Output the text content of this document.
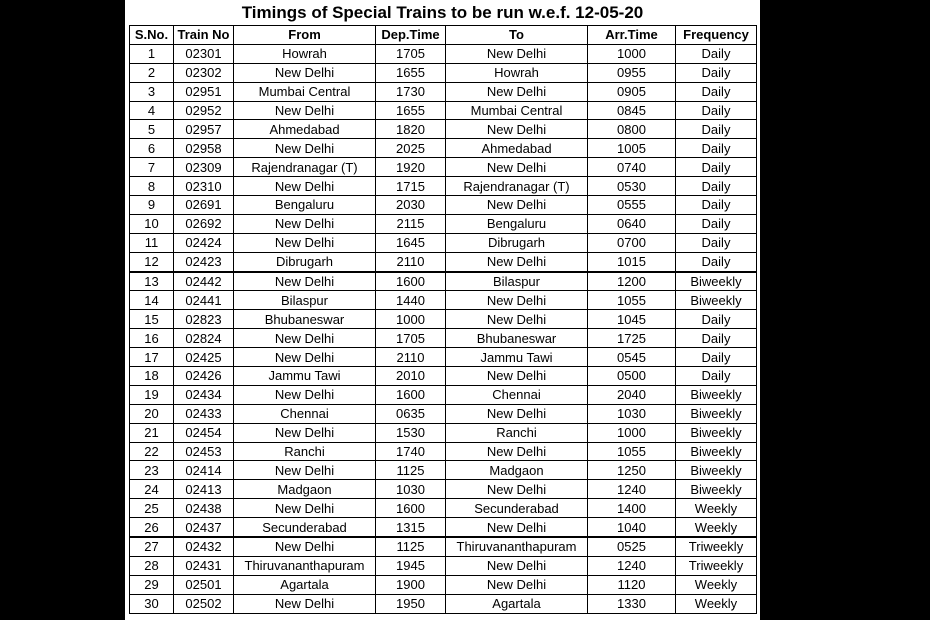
Timings of Special Trains to be run w.e.f. 12-05-20
S.No.	Train No	From	Dep.Time	To	Arr.Time	Frequency
1	02301	Howrah	1705	New Delhi	1000	Daily
2	02302	New Delhi	1655	Howrah	0955	Daily
3	02951	Mumbai Central	1730	New Delhi	0905	Daily
4	02952	New Delhi	1655	Mumbai Central	0845	Daily
5	02957	Ahmedabad	1820	New Delhi	0800	Daily
6	02958	New Delhi	2025	Ahmedabad	1005	Daily
7	02309	Rajendranagar (T)	1920	New Delhi	0740	Daily
8	02310	New Delhi	1715	Rajendranagar (T)	0530	Daily
9	02691	Bengaluru	2030	New Delhi	0555	Daily
10	02692	New Delhi	2115	Bengaluru	0640	Daily
11	02424	New Delhi	1645	Dibrugarh	0700	Daily
12	02423	Dibrugarh	2110	New Delhi	1015	Daily
13	02442	New Delhi	1600	Bilaspur	1200	Biweekly
14	02441	Bilaspur	1440	New Delhi	1055	Biweekly
15	02823	Bhubaneswar	1000	New Delhi	1045	Daily
16	02824	New Delhi	1705	Bhubaneswar	1725	Daily
17	02425	New Delhi	2110	Jammu Tawi	0545	Daily
18	02426	Jammu Tawi	2010	New Delhi	0500	Daily
19	02434	New Delhi	1600	Chennai	2040	Biweekly
20	02433	Chennai	0635	New Delhi	1030	Biweekly
21	02454	New Delhi	1530	Ranchi	1000	Biweekly
22	02453	Ranchi	1740	New Delhi	1055	Biweekly
23	02414	New Delhi	1125	Madgaon	1250	Biweekly
24	02413	Madgaon	1030	New Delhi	1240	Biweekly
25	02438	New Delhi	1600	Secunderabad	1400	Weekly
26	02437	Secunderabad	1315	New Delhi	1040	Weekly
27	02432	New Delhi	1125	Thiruvananthapuram	0525	Triweekly
28	02431	Thiruvananthapuram	1945	New Delhi	1240	Triweekly
29	02501	Agartala	1900	New Delhi	1120	Weekly
30	02502	New Delhi	1950	Agartala	1330	Weekly
